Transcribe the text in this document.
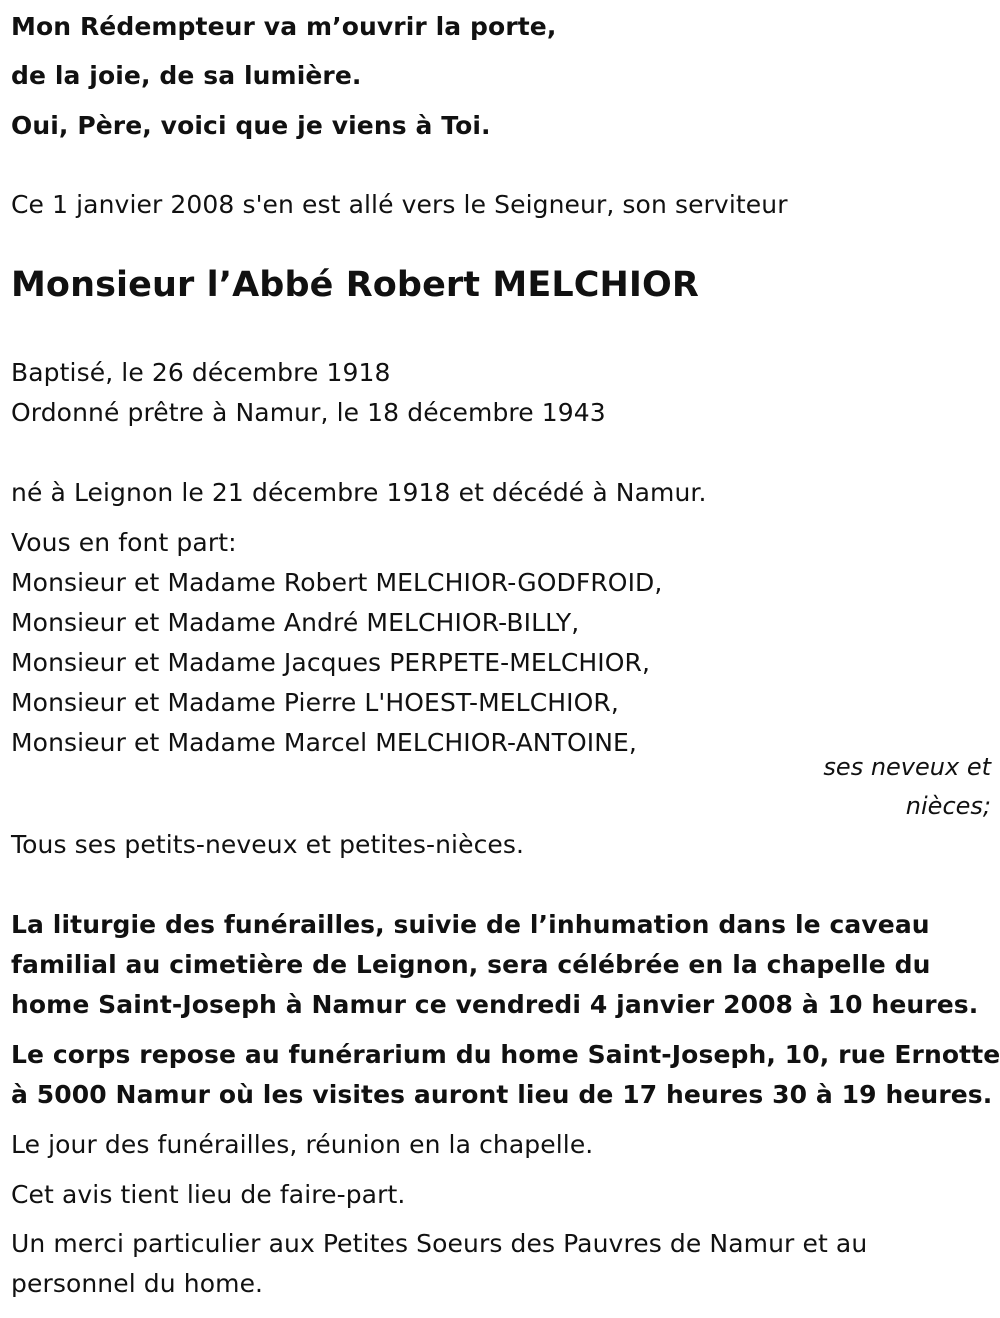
Mon Rédempteur va m’ouvrir la porte,
de la joie, de sa lumière.
Oui, Père, voici que je viens à Toi.
Ce 1 janvier 2008 s'en est allé vers le Seigneur, son serviteur
Monsieur l’Abbé Robert MELCHIOR
Baptisé, le 26 décembre 1918
Ordonné prêtre à Namur, le 18 décembre 1943
né à Leignon le 21 décembre 1918 et décédé à Namur.
Vous en font part:
Monsieur et Madame Robert MELCHIOR-GODFROID,
Monsieur et Madame André MELCHIOR-BILLY,
Monsieur et Madame Jacques PERPETE-MELCHIOR,
Monsieur et Madame Pierre L'HOEST-MELCHIOR,
Monsieur et Madame Marcel MELCHIOR-ANTOINE,
ses neveux et
nièces;
Tous ses petits-neveux et petites-nièces.
La liturgie des funérailles, suivie de l’inhumation dans le caveau
familial au cimetière de Leignon, sera célébrée en la chapelle du
home Saint-Joseph à Namur ce vendredi 4 janvier 2008 à 10 heures.
Le corps repose au funérarium du home Saint-Joseph, 10, rue Ernotte
à 5000 Namur où les visites auront lieu de 17 heures 30 à 19 heures.
Le jour des funérailles, réunion en la chapelle.
Cet avis tient lieu de faire-part.
Un merci particulier aux Petites Soeurs des Pauvres de Namur et au
personnel du home.
